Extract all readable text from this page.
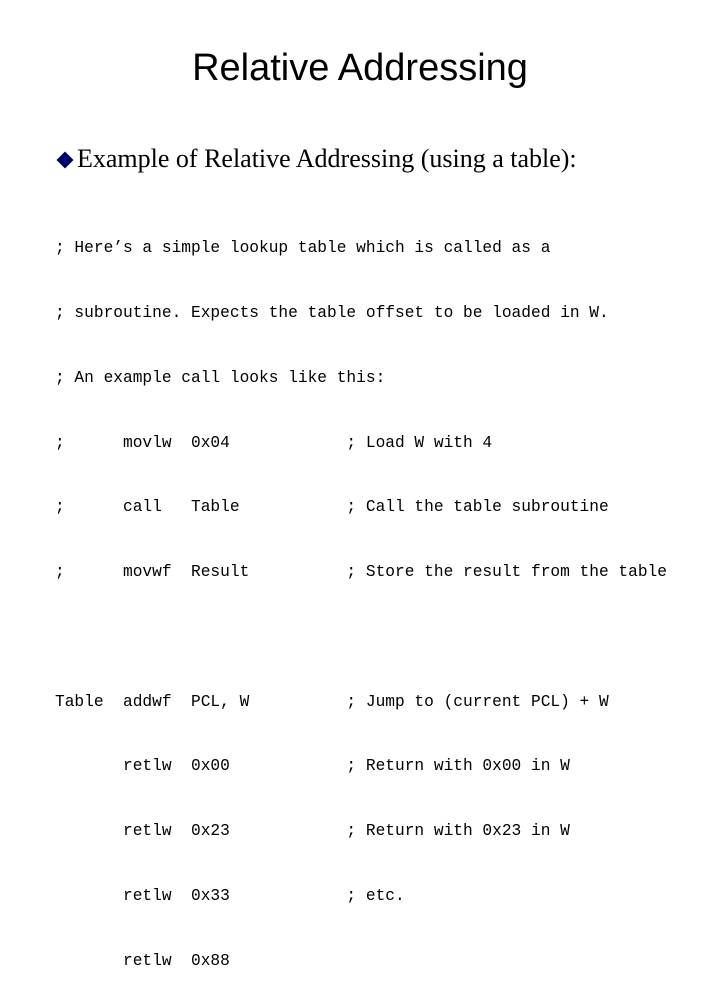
Relative Addressing
Example of Relative Addressing (using a table):

; Here’s a simple lookup table which is called as a

; subroutine. Expects the table offset to be loaded in W.

; An example call looks like this:

;      movlw  0x04            ; Load W with 4

;      call   Table           ; Call the table subroutine

;      movwf  Result          ; Store the result from the table

Table  addwf  PCL, W          ; Jump to (current PCL) + W

retlw  0x00            ; Return with 0x00 in W

retlw  0x23            ; Return with 0x23 in W

retlw  0x33            ; etc.

retlw  0x88
